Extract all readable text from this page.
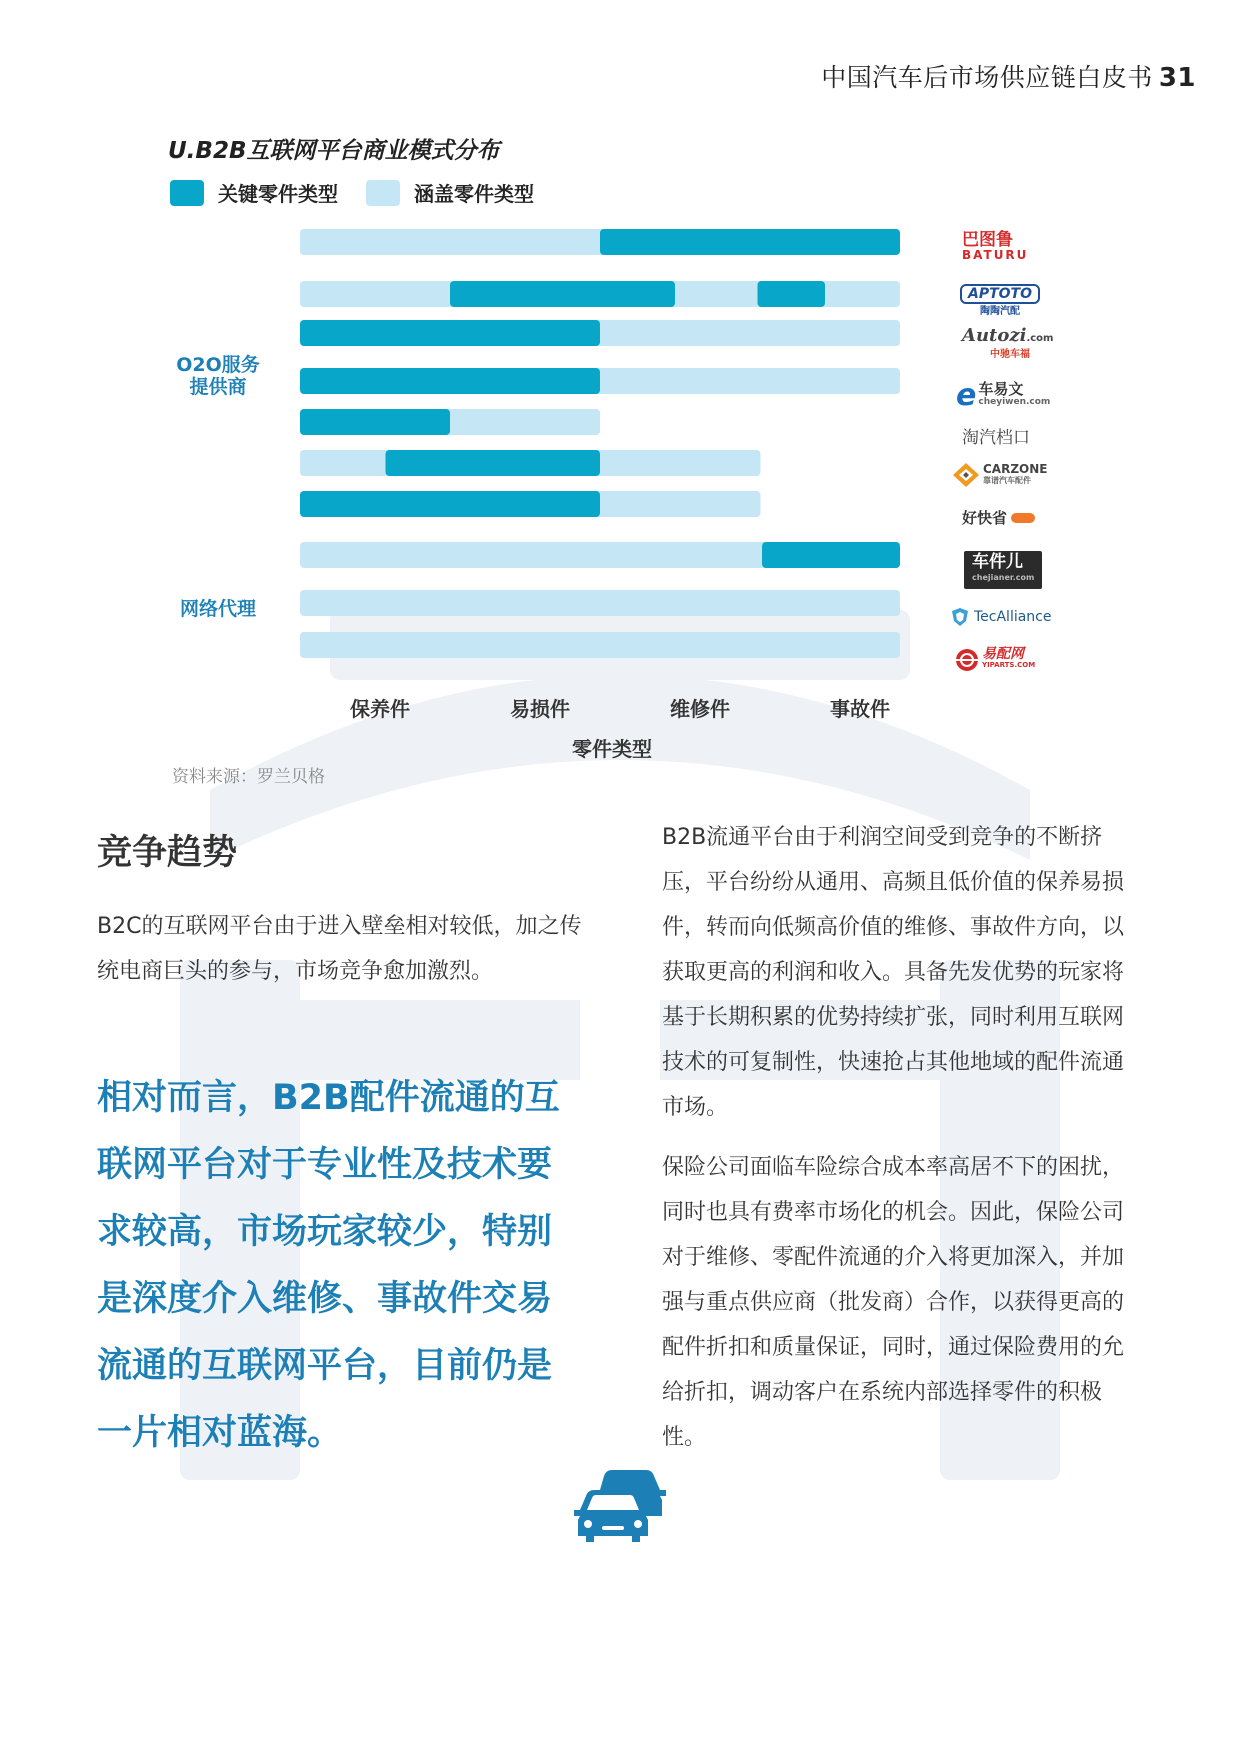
中国汽车后市场供应链白皮书 31
U.B2B互联网平台商业模式分布
关键零件类型	涵盖零件类型
O2O服务
提供商
网络代理
保养件	易损件	维修件	事故件
零件类型
巴图鲁
BATURU
APTOTO
陶陶汽配
Autozi.com
中驰车福
e 车易文
cheyiwen.com
淘汽档口
CARZONE
靠谱汽车配件
好快省
车件儿
chejianer.com
TecAlliance
易配网
YIPARTS.COM
资料来源：罗兰贝格
竞争趋势
B2C的互联网平台由于进入壁垒相对较低，加之传统电商巨头的参与，市场竞争愈加激烈。
相对而言，B2B配件流通的互联网平台对于专业性及技术要求较高，市场玩家较少，特别是深度介入维修、事故件交易流通的互联网平台，目前仍是一片相对蓝海。
B2B流通平台由于利润空间受到竞争的不断挤压，平台纷纷从通用、高频且低价值的保养易损件，转而向低频高价值的维修、事故件方向，以获取更高的利润和收入。具备先发优势的玩家将基于长期积累的优势持续扩张，同时利用互联网技术的可复制性，快速抢占其他地域的配件流通市场。
保险公司面临车险综合成本率高居不下的困扰，同时也具有费率市场化的机会。因此，保险公司对于维修、零配件流通的介入将更加深入，并加强与重点供应商（批发商）合作，以获得更高的配件折扣和质量保证，同时，通过保险费用的允给折扣，调动客户在系统内部选择零件的积极性。
